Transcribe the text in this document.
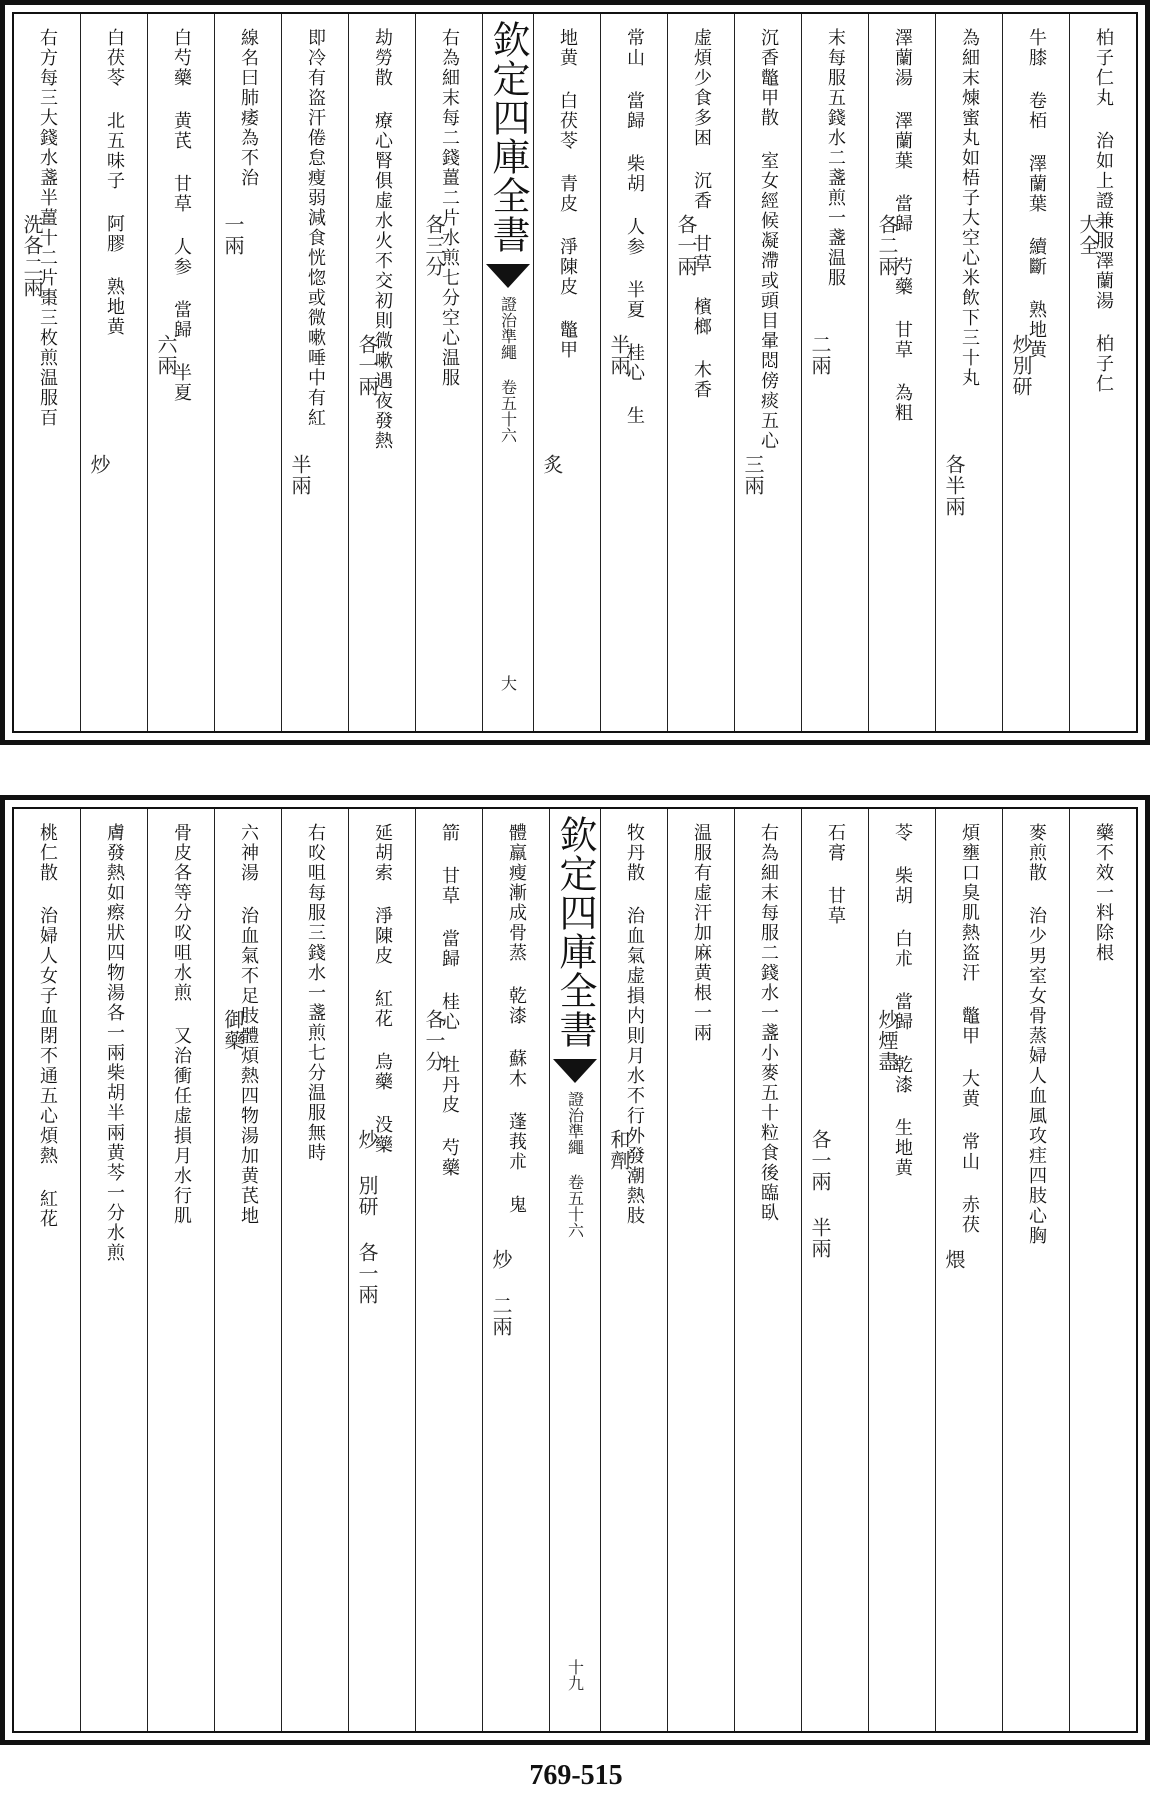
柏子仁丸 治如上證兼服澤蘭湯 柏子仁
大全
牛膝 卷栢 澤蘭葉 續斷 熟地黄
炒別研
為細末煉蜜丸如梧子大空心米飲下三十丸
各半兩
澤蘭湯 澤蘭葉 當歸 芍藥 甘草 為粗
各二兩
末每服五錢水二盞煎一盞温服
二兩
沉香鼈甲散 室女經候凝滯或頭目暈悶傍痰五心
三兩
虚煩少食多困 沉香 甘草 檳榔 木香
各一兩
常山 當歸 柴胡 人参 半夏 桂心 生
半兩
地黄 白茯苓 青皮 淨陳皮 鼈甲
炙
欽定四庫全書
證治準繩 卷五十六
大
右為細末每二錢薑二片水煎七分空心温服
各三分
劫勞散 療心腎俱虚水火不交初則微嗽遇夜發熱
各一兩
即冷有盗汗倦怠瘦弱減食恍惚或微嗽唾中有紅
半兩
線名曰肺痿為不治
一兩
白芍藥 黄芪 甘草 人参 當歸 半夏
六兩
白茯苓 北五味子 阿膠 熟地黄
炒
右方每三大錢水盞半薑十二片棗三枚煎温服百
洗各二兩
藥不效一料除根
麥煎散 治少男室女骨蒸婦人血風攻疰四肢心胸
煩壅口臭肌熱盗汗 鼈甲 大黄 常山 赤茯
煨
苓 柴胡 白朮 當歸 乾漆 生地黄
炒煙盡
石膏 甘草
各一兩 半兩
右為細末每服二錢水一盞小麥五十粒食後臨臥
温服有虚汗加麻黄根一兩
牧丹散 治血氣虚損内則月水不行外發潮熱肢
和劑
欽定四庫全書
證治準繩 卷五十六
十九
體羸瘦漸成骨蒸 乾漆 蘇木 蓬莪朮 鬼
炒 二兩
箭 甘草 當歸 桂心 牡丹皮 芍藥
各一分
延胡索 淨陳皮 紅花 烏藥 没藥
炒 別研 各一兩
右㕮咀每服三錢水一盞煎七分温服無時
六神湯 治血氣不足肢體煩熱四物湯加黄芪地
御藥
骨皮各等分㕮咀水煎 又治衝任虚損月水行肌
膚發熱如瘵狀四物湯各一兩柴胡半兩黄芩一分水煎
桃仁散 治婦人女子血閉不通五心煩熱 紅花
769-515
